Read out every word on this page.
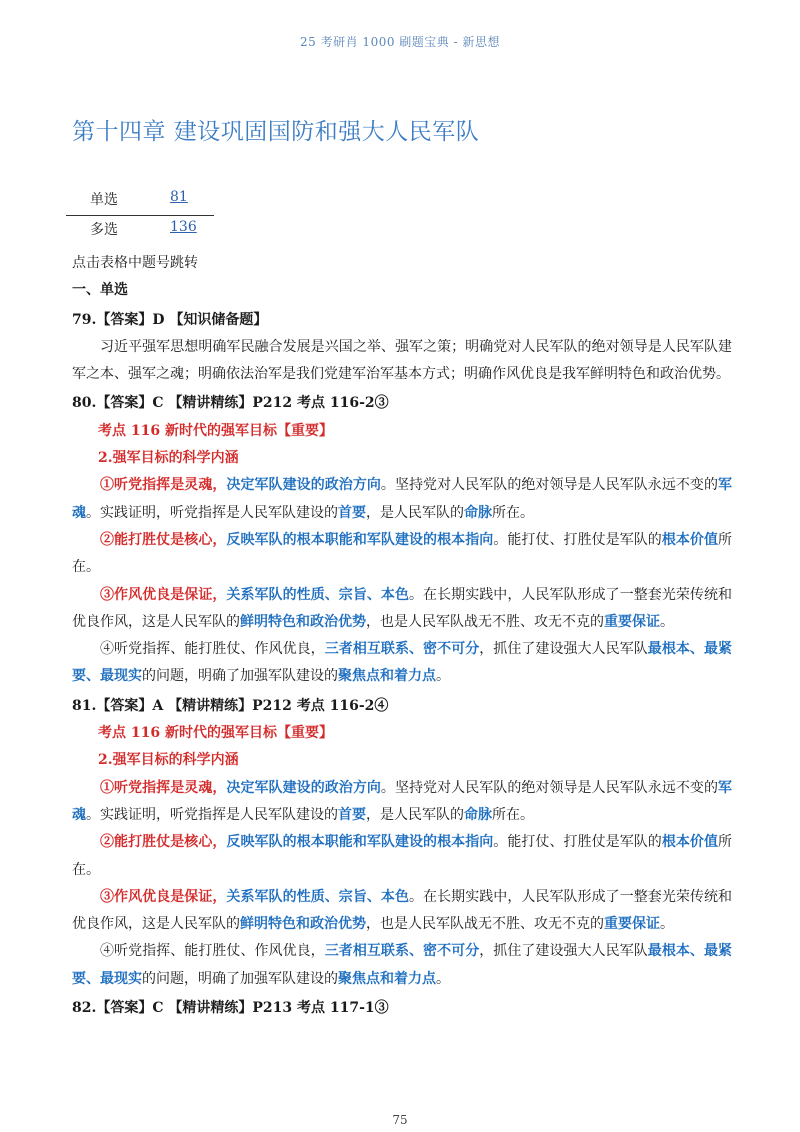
25 考研肖 1000 刷题宝典 - 新思想
第十四章 建设巩固国防和强大人民军队
单选	81
多选	136

点击表格中题号跳转

一、单选

79.【答案】D 【知识储备题】

习近平强军思想明确军民融合发展是兴国之举、强军之策；明确党对人民军队的绝对领导是人民军队建军之本、强军之魂；明确依法治军是我们党建军治军基本方式；明确作风优良是我军鲜明特色和政治优势。

80.【答案】C 【精讲精练】P212 考点 116-2③

考点 116 新时代的强军目标【重要】

2.强军目标的科学内涵

①听党指挥是灵魂，决定军队建设的政治方向。坚持党对人民军队的绝对领导是人民军队永远不变的军魂。实践证明，听党指挥是人民军队建设的首要，是人民军队的命脉所在。

②能打胜仗是核心，反映军队的根本职能和军队建设的根本指向。能打仗、打胜仗是军队的根本价值所在。

③作风优良是保证，关系军队的性质、宗旨、本色。在长期实践中，人民军队形成了一整套光荣传统和优良作风，这是人民军队的鲜明特色和政治优势，也是人民军队战无不胜、攻无不克的重要保证。

④听党指挥、能打胜仗、作风优良，三者相互联系、密不可分，抓住了建设强大人民军队最根本、最紧要、最现实的问题，明确了加强军队建设的聚焦点和着力点。

81.【答案】A 【精讲精练】P212 考点 116-2④

考点 116 新时代的强军目标【重要】

2.强军目标的科学内涵

①听党指挥是灵魂，决定军队建设的政治方向。坚持党对人民军队的绝对领导是人民军队永远不变的军魂。实践证明，听党指挥是人民军队建设的首要，是人民军队的命脉所在。

②能打胜仗是核心，反映军队的根本职能和军队建设的根本指向。能打仗、打胜仗是军队的根本价值所在。

③作风优良是保证，关系军队的性质、宗旨、本色。在长期实践中，人民军队形成了一整套光荣传统和优良作风，这是人民军队的鲜明特色和政治优势，也是人民军队战无不胜、攻无不克的重要保证。

④听党指挥、能打胜仗、作风优良，三者相互联系、密不可分，抓住了建设强大人民军队最根本、最紧要、最现实的问题，明确了加强军队建设的聚焦点和着力点。

82.【答案】C 【精讲精练】P213 考点 117-1③

75
